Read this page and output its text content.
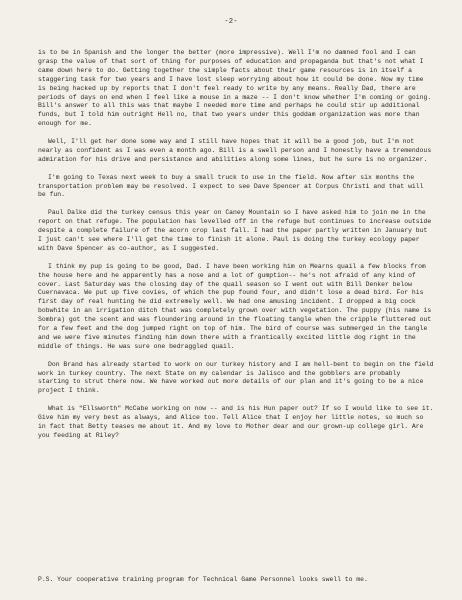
-2-

is to be in Spanish and the longer the better (more impressive). Well I'm no damned fool and I can grasp the value of that sort of thing for purposes of education and propaganda but that's not what I came down here to do. Getting together the simple facts about their game resources is in itself a staggering task for two years and I have lost sleep worrying about how it could be done. Now my time is being hacked up by reports that I don't feel ready to write by any means. Really Dad, there are periods of days on end when I feel like a mouse in a maze -- I don't know whether I'm coming or going. Bill's answer to all this was that maybe I needed more time and perhaps he could stir up additional funds, but I told him outright Hell no, that two years under this goddam organization was more than enough for me.

Well, I'll get her done some way and I still have hopes that it will be a good job, but I'm not nearly as confident as I was even a month ago. Bill is a swell person and I honestly have a tremendous admiration for his drive and persistance and abilities along some lines, but he sure is no organizer.

I'm going to Texas next week to buy a small truck to use in the field. Now after six months the transportation problem may be resolved. I expect to see Dave Spencer at Corpus Christi and that will be fun.

Paul Dalke did the turkey census this year on Caney Mountain so I have asked him to join me in the report on that refuge. The population has levelled off in the refuge but continues to increase outside despite a complete failure of the acorn crop last fall. I had the paper partly written in January but I just can't see where I'll get the time to finish it alone. Paul is doing the turkey ecology paper with Dave Spencer as co-author, as I suggested.

I think my pup is going to be good, Dad. I have been working him on Mearns quail a few blocks from the house here and he apparently has a nose and a lot of gumption-- he's not afraid of any kind of cover. Last Saturday was the closing day of the quail season so I went out with Bill Denker below Cuernavaca. We put up five covies, of which the pup found four, and didn't lose a dead bird. For his first day of real hunting he did extremely well. We had one amusing incident. I dropped a big cock bobwhite in an irrigation ditch that was completely grown over with vegetation. The puppy (his name is Sombra) got the scent and was floundering around in the floating tangle when the cripple fluttered out for a few feet and the dog jumped right on top of him. The bird of course was submerged in the tangle and we were five minutes finding him down there with a frantically excited little dog right in the middle of things. He was sure one bedraggled quail.

Don Brand has already started to work on our turkey history and I am hell-bent to begin on the field work in turkey country. The next State on my calendar is Jalisco and the gobblers are probably starting to strut there now. We have worked out more details of our plan and it's going to be a nice project I think.

What is "Ellsworth" McCabe working on now -- and is his Hun paper out? If so I would like to see it. Give him my very best as always, and Alice too. Tell Alice that I enjoy her little notes, so much so in fact that Betty teases me about it. And my love to Mother dear and our grown-up college girl. Are you feeding at Riley?

P.S. Your cooperative training program for Technical Game Personnel looks swell to me.
